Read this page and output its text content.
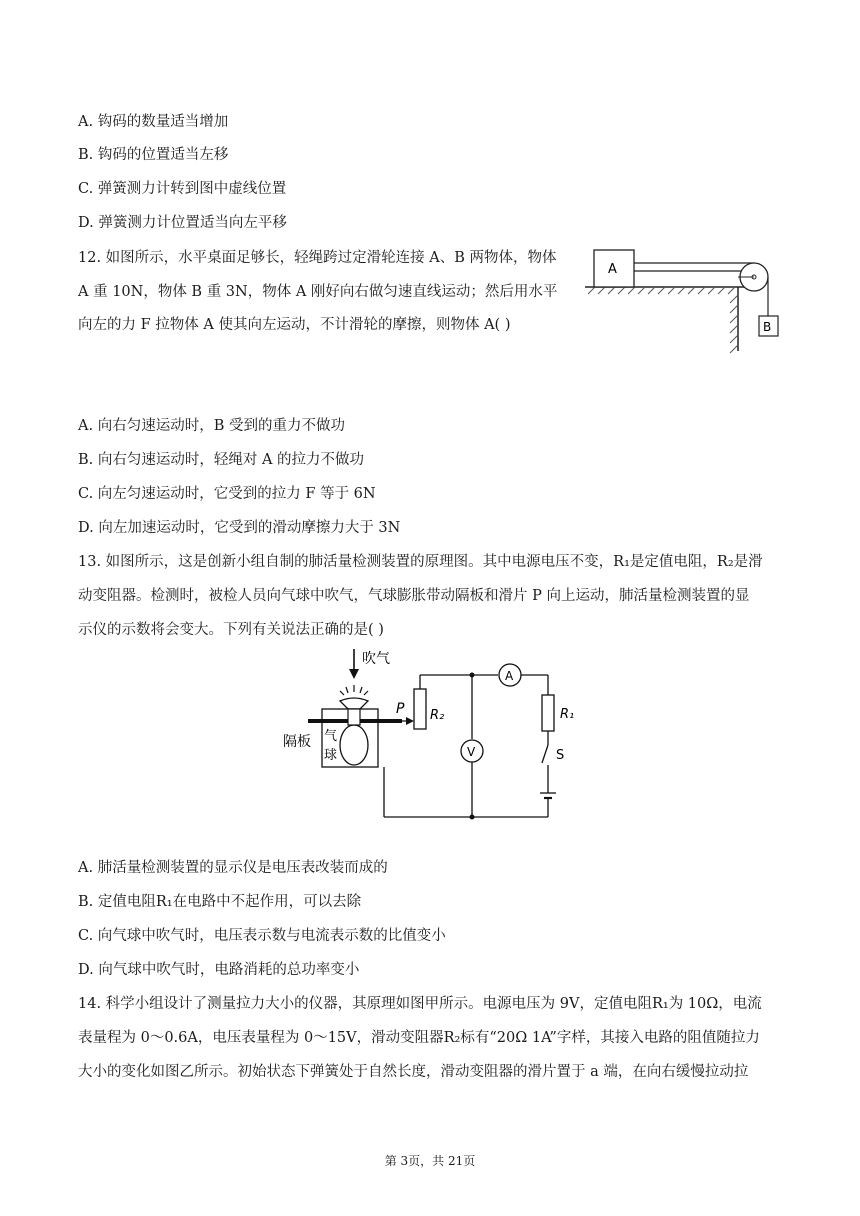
A. 钩码的数量适当增加
B. 钩码的位置适当左移
C. 弹簧测力计转到图中虚线位置
D. 弹簧测力计位置适当向左平移
12. 如图所示，水平桌面足够长，轻绳跨过定滑轮连接 A、B 两物体，物体
A 重 10N，物体 B 重 3N，物体 A 刚好向右做匀速直线运动；然后用水平
向左的力 F 拉物体 A 使其向左运动，不计滑轮的摩擦，则物体 A( )
A
B
A. 向右匀速运动时，B 受到的重力不做功
B. 向右匀速运动时，轻绳对 A 的拉力不做功
C. 向左匀速运动时，它受到的拉力 F 等于 6N
D. 向左加速运动时，它受到的滑动摩擦力大于 3N
13. 如图所示，这是创新小组自制的肺活量检测装置的原理图。其中电源电压不变，R₁是定值电阻，R₂是滑
动变阻器。检测时，被检人员向气球中吹气，气球膨胀带动隔板和滑片 P 向上运动，肺活量检测装置的显
示仪的示数将会变大。下列有关说法正确的是( )
吹气
隔板 气
球
P R₂
V
A
R₁
S
A. 肺活量检测装置的显示仪是电压表改装而成的
B. 定值电阻R₁在电路中不起作用，可以去除
C. 向气球中吹气时，电压表示数与电流表示数的比值变小
D. 向气球中吹气时，电路消耗的总功率变小
14. 科学小组设计了测量拉力大小的仪器，其原理如图甲所示。电源电压为 9V，定值电阻R₁为 10Ω，电流
表量程为 0～0.6A，电压表量程为 0～15V，滑动变阻器R₂标有“20Ω 1A”字样，其接入电路的阻值随拉力
大小的变化如图乙所示。初始状态下弹簧处于自然长度，滑动变阻器的滑片置于 a 端，在向右缓慢拉动拉
第 3页，共 21页
